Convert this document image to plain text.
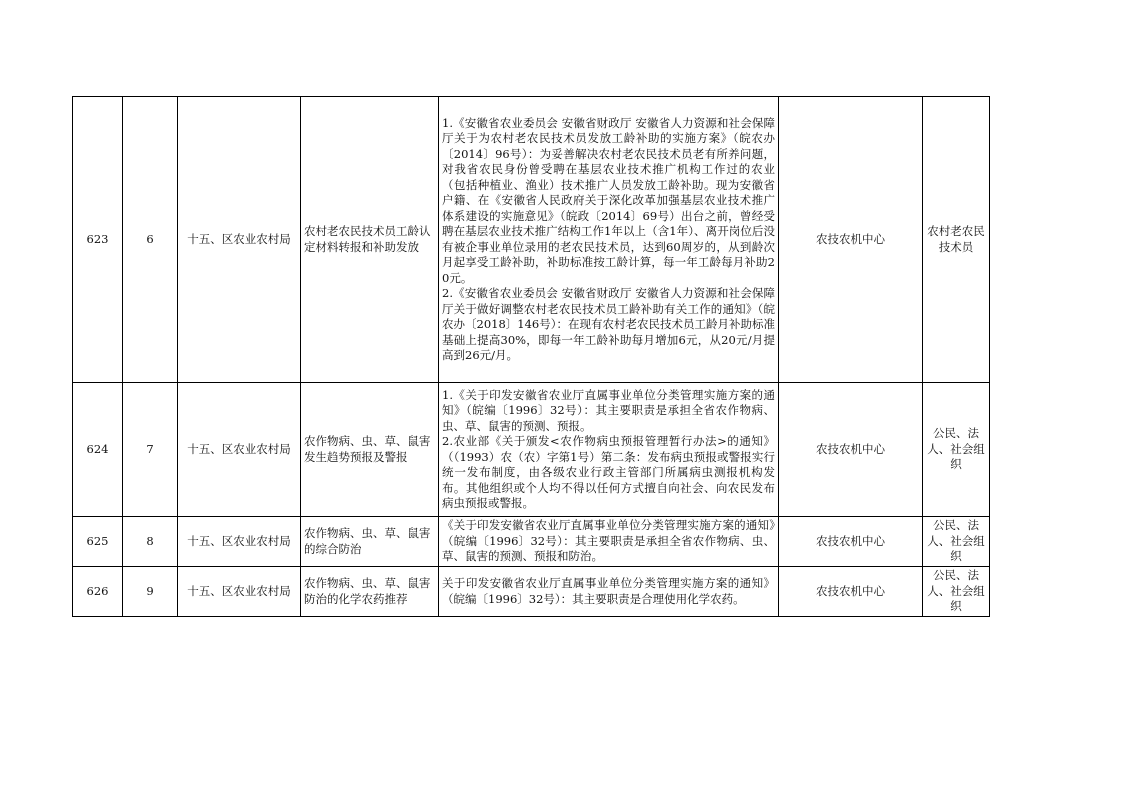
623	6	十五、区农业农村局	农村老农民技术员工龄认定材料转报和补助发放	1.《安徽省农业委员会 安徽省财政厅 安徽省人力资源和社会保障厅关于为农村老农民技术员发放工龄补助的实施方案》（皖农办〔2014〕96号）：为妥善解决农村老农民技术员老有所养问题，对我省农民身份曾受聘在基层农业技术推广机构工作过的农业（包括种植业、渔业）技术推广人员发放工龄补助。现为安徽省户籍、在《安徽省人民政府关于深化改革加强基层农业技术推广体系建设的实施意见》（皖政〔2014〕69号）出台之前，曾经受聘在基层农业技术推广结构工作1年以上（含1年）、离开岗位后没有被企事业单位录用的老农民技术员，达到60周岁的，从到龄次月起享受工龄补助，补助标准按工龄计算，每一年工龄每月补助20元。

2.《安徽省农业委员会 安徽省财政厅 安徽省人力资源和社会保障厅关于做好调整农村老农民技术员工龄补助有关工作的通知》（皖农办〔2018〕146号）：在现有农村老农民技术员工龄月补助标准基础上提高30%，即每一年工龄补助每月增加6元，从20元/月提高到26元/月。	农技农机中心	农村老农民技术员
624	7	十五、区农业农村局	农作物病、虫、草、鼠害发生趋势预报及警报	1.《关于印发安徽省农业厅直属事业单位分类管理实施方案的通知》（皖编〔1996〕32号）：其主要职责是承担全省农作物病、虫、草、鼠害的预测、预报。

2.农业部《关于颁发<农作物病虫预报管理暂行办法>的通知》（（1993）农（农）字第1号）第二条：发布病虫预报或警报实行统一发布制度，由各级农业行政主管部门所属病虫测报机构发布。其他组织或个人均不得以任何方式擅自向社会、向农民发布病虫预报或警报。	农技农机中心	公民、法人、社会组织
625	8	十五、区农业农村局	农作物病、虫、草、鼠害的综合防治	《关于印发安徽省农业厅直属事业单位分类管理实施方案的通知》（皖编〔1996〕32号）：其主要职责是承担全省农作物病、虫、草、鼠害的预测、预报和防治。	农技农机中心	公民、法人、社会组织
626	9	十五、区农业农村局	农作物病、虫、草、鼠害防治的化学农药推荐	关于印发安徽省农业厅直属事业单位分类管理实施方案的通知》（皖编〔1996〕32号）：其主要职责是合理使用化学农药。	农技农机中心	公民、法人、社会组织
